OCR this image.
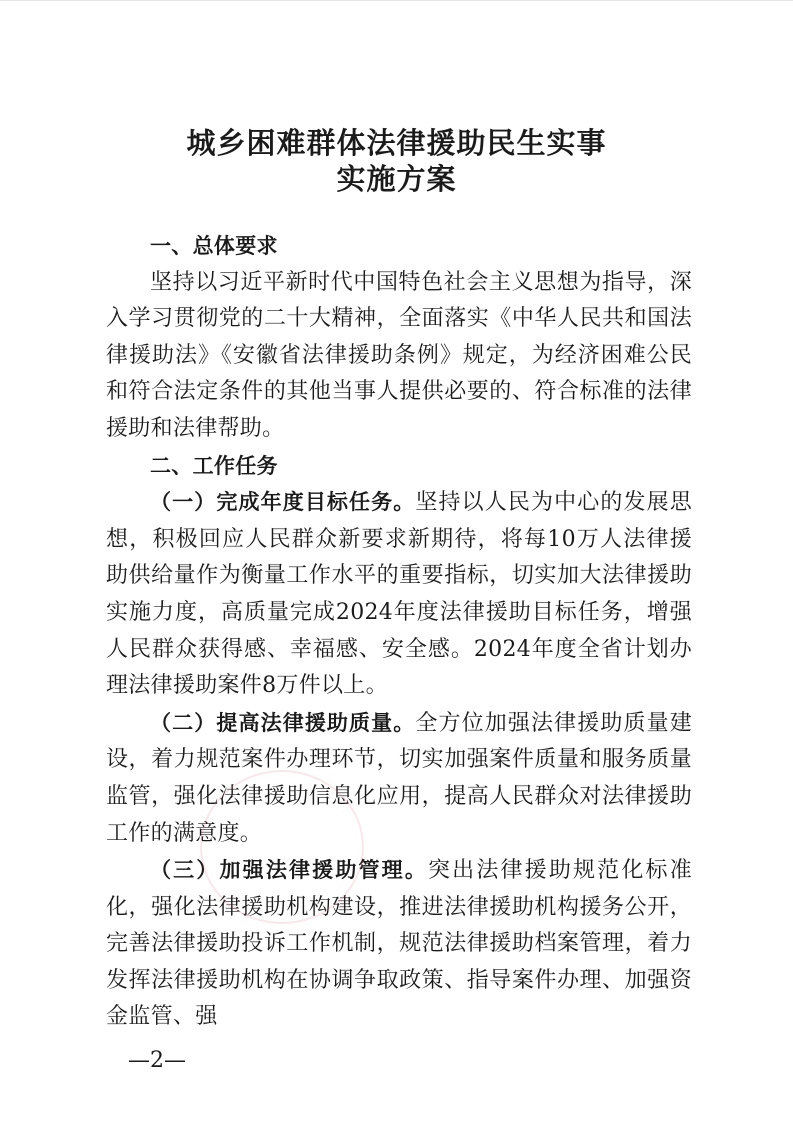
城乡困难群体法律援助民生实事
实施方案

一、总体要求

坚持以习近平新时代中国特色社会主义思想为指导，深入学习贯彻党的二十大精神，全面落实《中华人民共和国法律援助法》《安徽省法律援助条例》规定，为经济困难公民和符合法定条件的其他当事人提供必要的、符合标准的法律援助和法律帮助。

二、工作任务

（一）完成年度目标任务。坚持以人民为中心的发展思想，积极回应人民群众新要求新期待，将每10万人法律援助供给量作为衡量工作水平的重要指标，切实加大法律援助实施力度，高质量完成2024年度法律援助目标任务，增强人民群众获得感、幸福感、安全感。2024年度全省计划办理法律援助案件8万件以上。

（二）提高法律援助质量。全方位加强法律援助质量建设，着力规范案件办理环节，切实加强案件质量和服务质量监管，强化法律援助信息化应用，提高人民群众对法律援助工作的满意度。

（三）加强法律援助管理。突出法律援助规范化标准化，强化法律援助机构建设，推进法律援助机构援务公开，完善法律援助投诉工作机制，规范法律援助档案管理，着力发挥法律援助机构在协调争取政策、指导案件办理、加强资金监管、强

—2—
